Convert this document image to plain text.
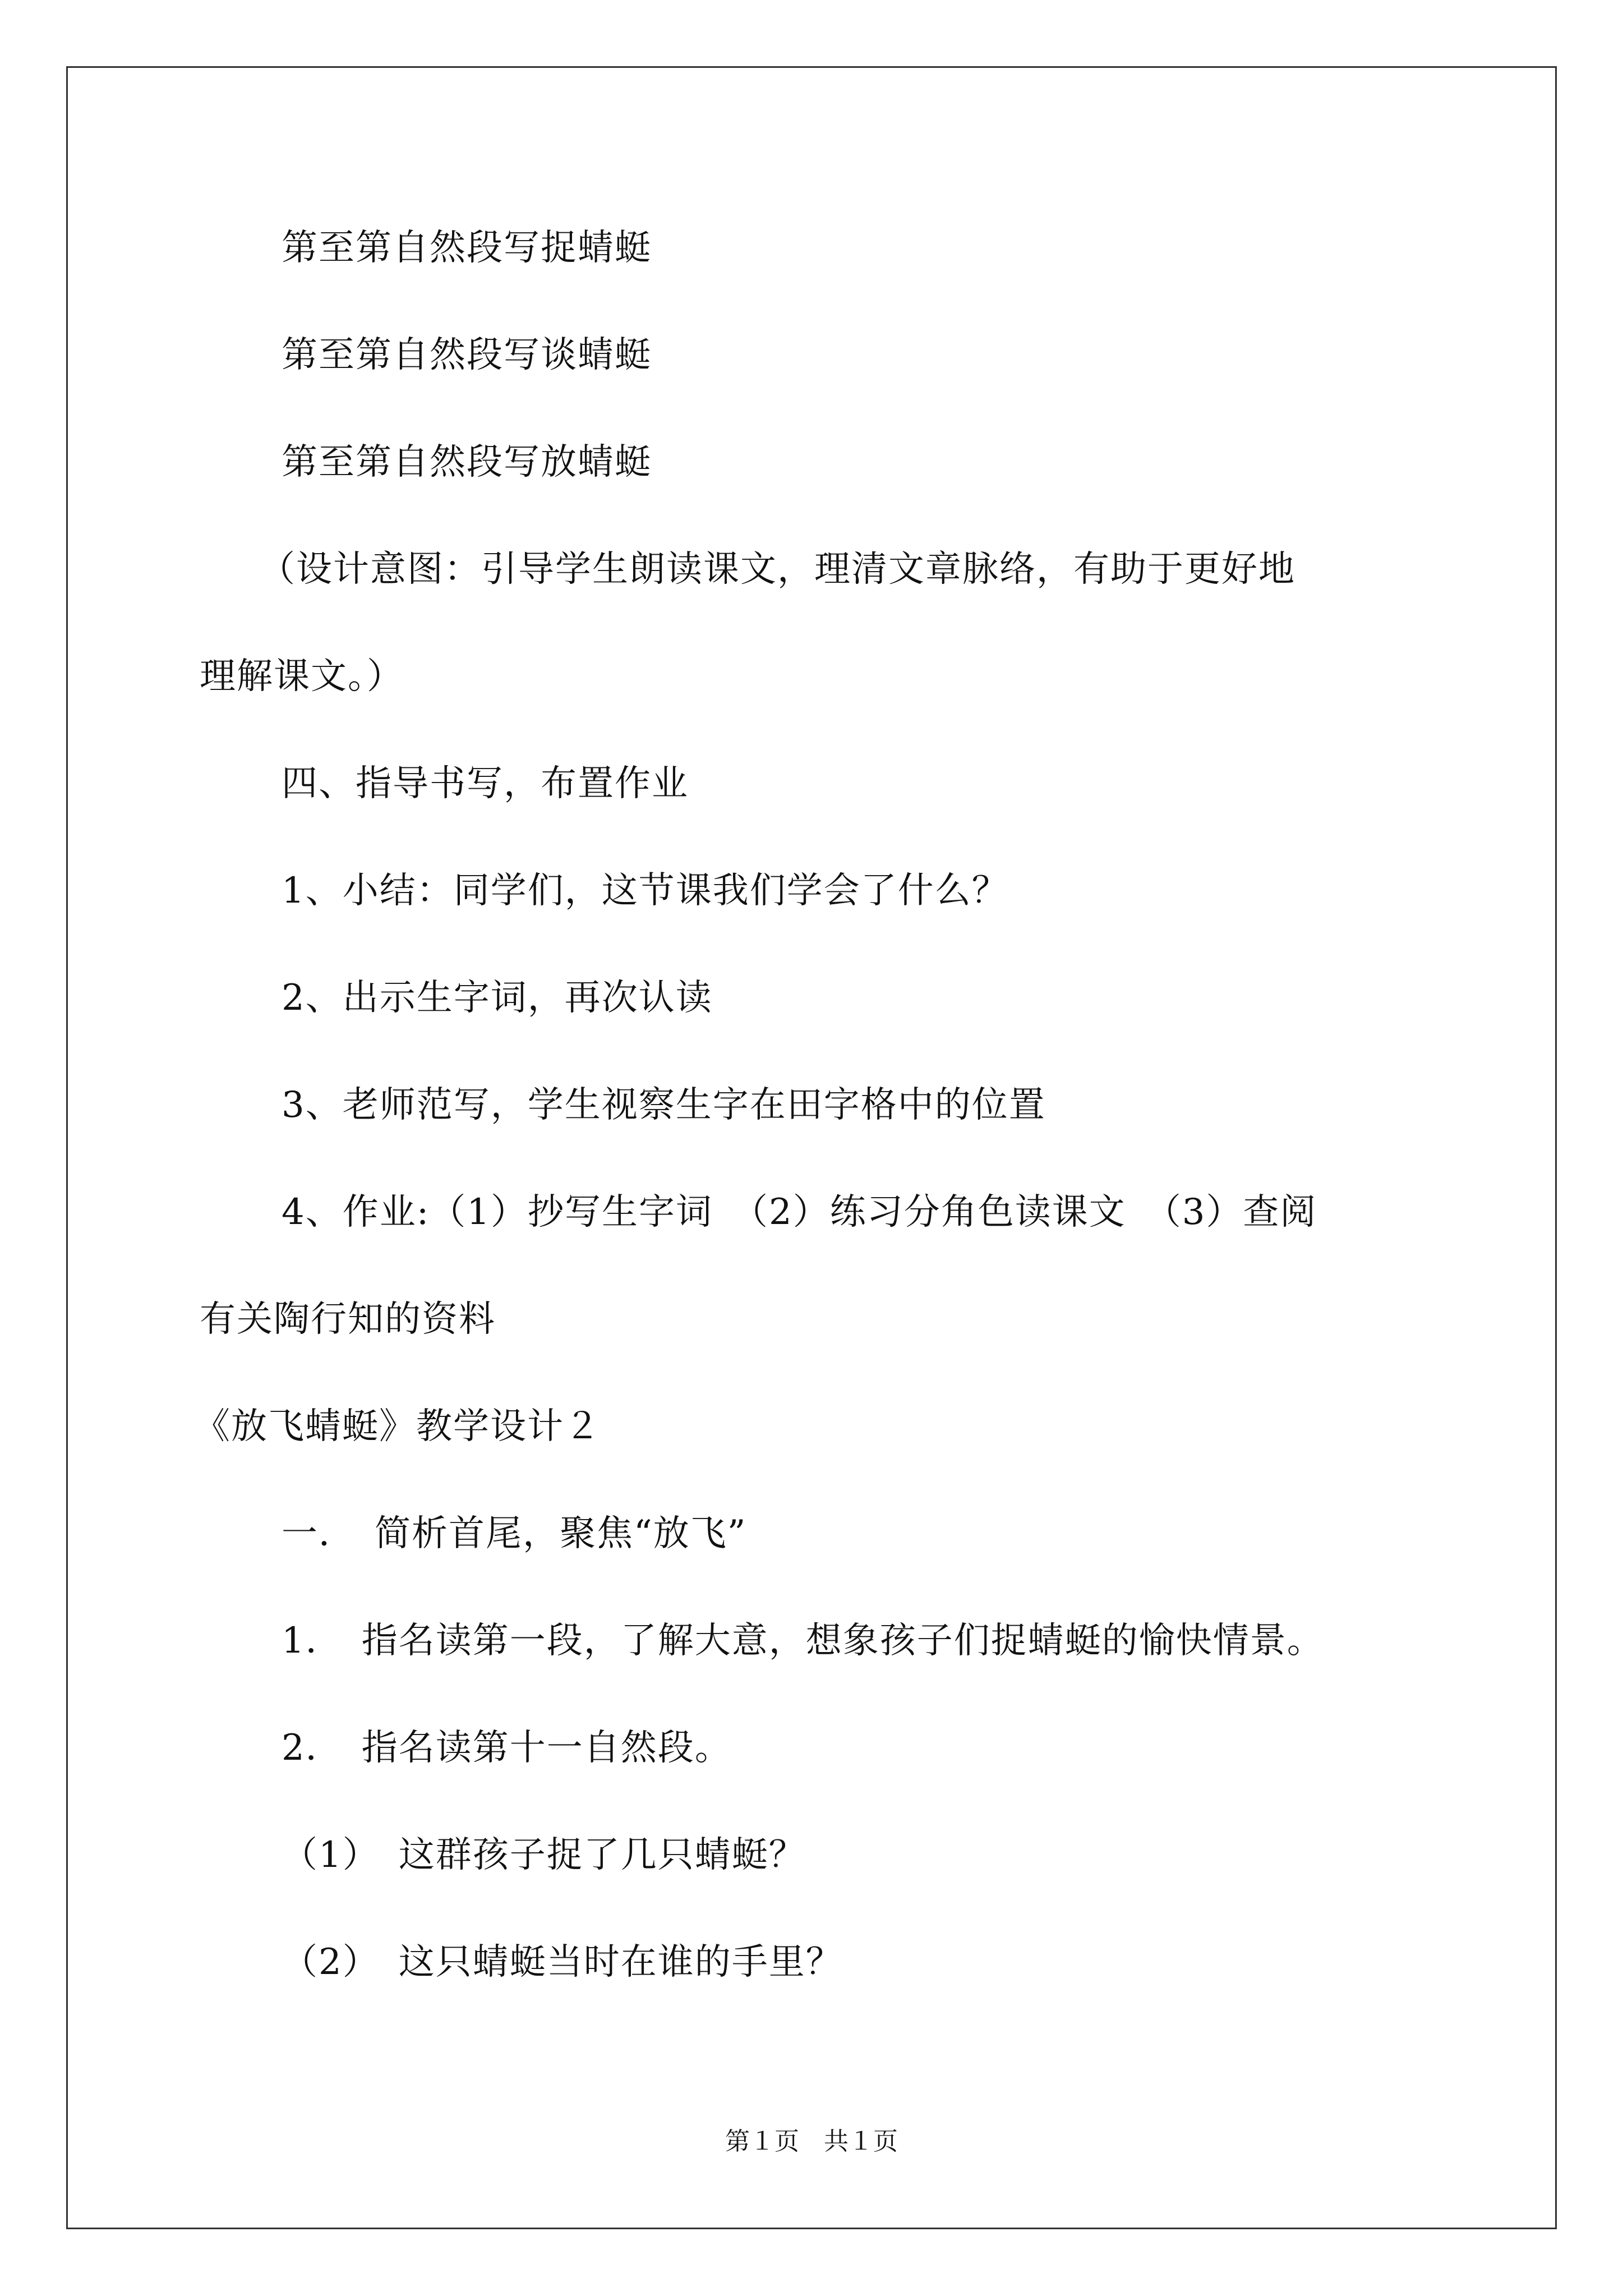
第至第自然段写捉蜻蜓
第至第自然段写谈蜻蜓
第至第自然段写放蜻蜓
（设计意图：引导学生朗读课文，理清文章脉络，有助于更好地
理解课文。）
四、指导书写，布置作业
1、小结：同学们，这节课我们学会了什么？
2、出示生字词，再次认读
3、老师范写，学生视察生字在田字格中的位置
4、作业:（1）抄写生字词　（2）练习分角色读课文　（3）查阅
有关陶行知的资料
《放飞蜻蜓》教学设计２
一．　简析首尾，聚焦“放飞”
1．　指名读第一段，了解大意，想象孩子们捉蜻蜓的愉快情景。
2．　指名读第十一自然段。
（1）　这群孩子捉了几只蜻蜓？
（2）　这只蜻蜓当时在谁的手里？
第１页　共１页
